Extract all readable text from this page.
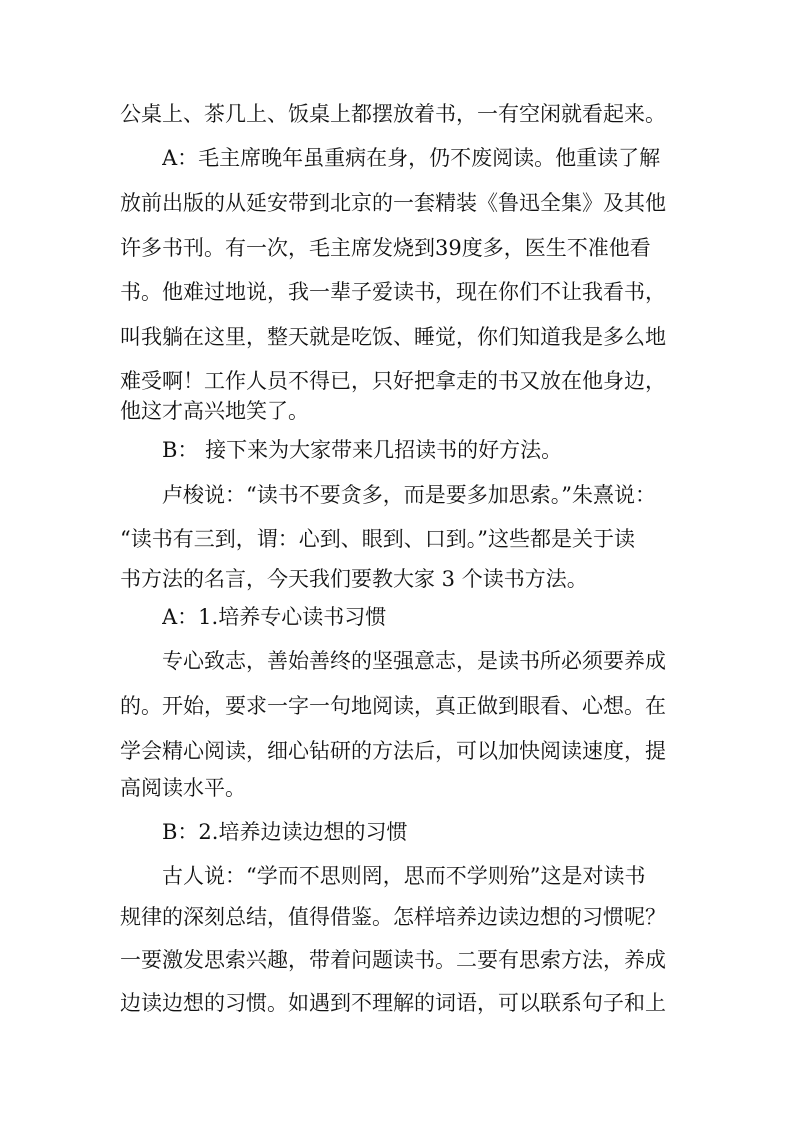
公桌上、茶几上、饭桌上都摆放着书，一有空闲就看起来。
A：毛主席晚年虽重病在身，仍不废阅读。他重读了解
放前出版的从延安带到北京的一套精装《鲁迅全集》及其他
许多书刊。有一次，毛主席发烧到39度多，医生不准他看
书。他难过地说，我一辈子爱读书，现在你们不让我看书，
叫我躺在这里，整天就是吃饭、睡觉，你们知道我是多么地
难受啊！工作人员不得已，只好把拿走的书又放在他身边，
他这才高兴地笑了。
B： 接下来为大家带来几招读书的好方法。
卢梭说：“读书不要贪多，而是要多加思索。”朱熹说：
“读书有三到，谓：心到、眼到、口到。”这些都是关于读
书方法的名言，今天我们要教大家 3 个读书方法。
A：1.培养专心读书习惯
专心致志，善始善终的坚强意志，是读书所必须要养成
的。开始，要求一字一句地阅读，真正做到眼看、心想。在
学会精心阅读，细心钻研的方法后，可以加快阅读速度，提
高阅读水平。
B：2.培养边读边想的习惯
古人说：“学而不思则罔，思而不学则殆”这是对读书
规律的深刻总结，值得借鉴。怎样培养边读边想的习惯呢？
一要激发思索兴趣，带着问题读书。二要有思索方法，养成
边读边想的习惯。如遇到不理解的词语，可以联系句子和上
